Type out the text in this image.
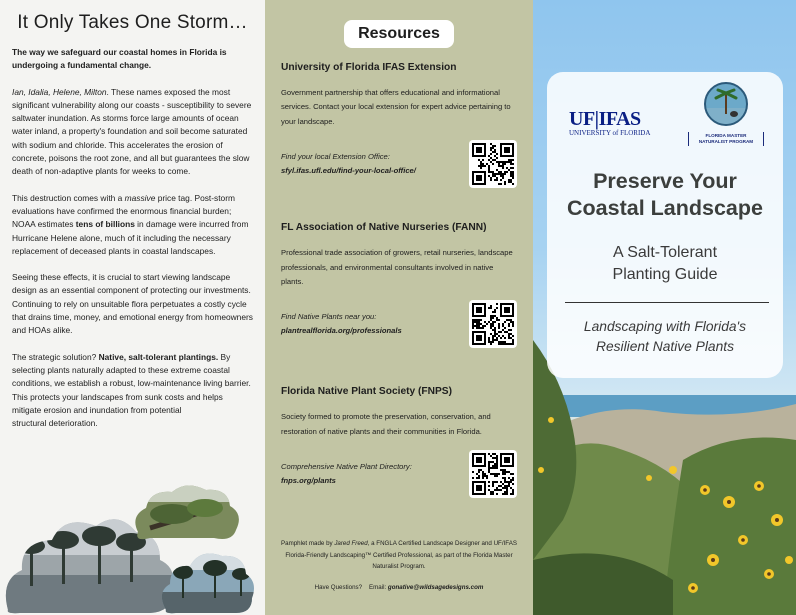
It Only Takes One Storm…

The way we safeguard our coastal homes in Florida is undergoing a fundamental change.

Ian, Idalia, Helene, Milton. These names exposed the most significant vulnerability along our coasts - susceptibility to severe saltwater inundation. As storms force large amounts of ocean water inland, a property's foundation and soil become saturated with sodium and chloride. This accelerates the erosion of concrete, poisons the root zone, and all but guarantees the slow death of non-adaptive plants for weeks to come.

This destruction comes with a massive price tag. Post-storm evaluations have confirmed the enormous financial burden; NOAA estimates tens of billions in damage were incurred from Hurricane Helene alone, much of it including the necessary replacement of deceased plants in coastal landscapes.

Seeing these effects, it is crucial to start viewing landscape design as an essential component of protecting our investments. Continuing to rely on unsuitable flora perpetuates a costly cycle that drains time, money, and emotional energy from homeowners and HOAs alike.

The strategic solution? Native, salt-tolerant plantings. By selecting plants naturally adapted to these extreme coastal conditions, we establish a robust, low-maintenance living barrier. This protects your landscapes from sunk costs and helps mitigate erosion and inundation from potential
structural deterioration.

Resources
University of Florida IFAS Extension

Government partnership that offers educational and informational services. Contact your local extension for expert advice pertaining to your landscape.

Find your local Extension Office:
sfyl.ifas.ufl.edu/find-your-local-office/
FL Association of Native Nurseries (FANN)

Professional trade association of growers, retail nurseries, landscape professionals, and environmental consultants involved in native plants.

Find Native Plants near you:
plantrealflorida.org/professionals
Florida Native Plant Society (FNPS)

Society formed to promote the preservation, conservation, and restoration of native plants and their communities in Florida.

Comprehensive Native Plant Directory:
fnps.org/plants
Pamphlet made by Jared Freed, a FNGLA Certified Landscape Designer and UF/IFAS Florida-Friendly Landscaping™ Certified Professional, as part of the Florida Master Naturalist Program.
Have Questions? Email: gonative@wildsagedesigns.com
UF|IFAS
UNIVERSITY of FLORIDA	FLORIDA MASTER NATURALIST PROGRAM
Preserve Your
Coastal Landscape
A Salt-Tolerant
Planting Guide
Landscaping with Florida's
Resilient Native Plants
